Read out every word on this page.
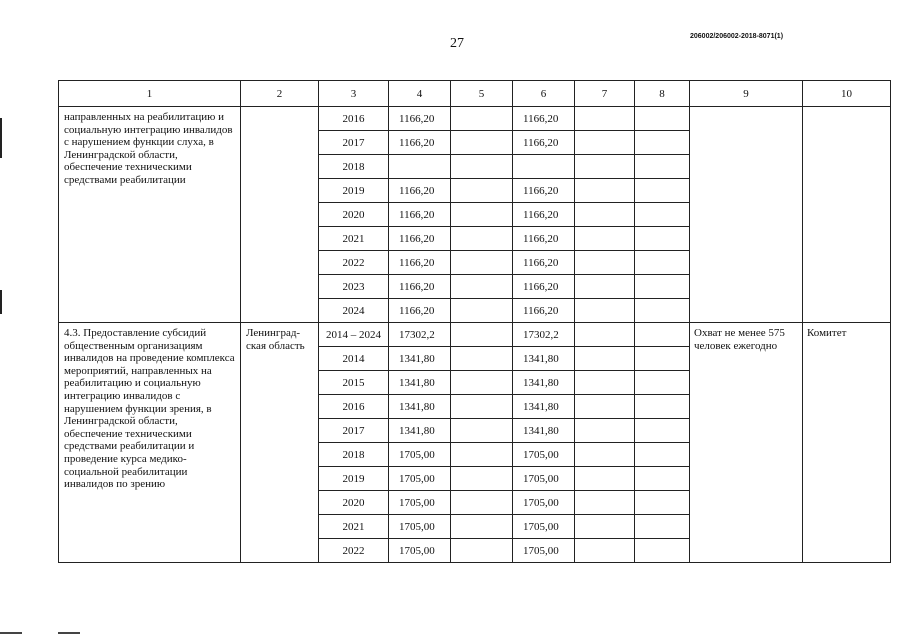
27	206002/206002-2018-8071(1)
1	2	3	4	5	6	7	8	9	10
направленных на реабилитацию и социальную интеграцию инвалидов с нарушением функции слуха, в Ленинградской области, обеспечение техническими средствами реабилитации		2016	1166,20		1166,20				
		2017	1166,20		1166,20				
		2018							
		2019	1166,20		1166,20				
		2020	1166,20		1166,20				
		2021	1166,20		1166,20				
		2022	1166,20		1166,20				
		2023	1166,20		1166,20				
		2024	1166,20		1166,20				
4.3. Предоставление субсидий общественным организациям инвалидов на проведение комплекса мероприятий, направленных на реабилитацию и социальную интеграцию инвалидов с нарушением функции зрения, в Ленинградской области, обеспечение техническими средствами реабилитации и проведение курса медико-социальной реабилитации инвалидов по зрению	Ленинград-ская область	2014 – 2024	17302,2		17302,2			Охват не менее 575 человек ежегодно	Комитет
		2014	1341,80		1341,80				
		2015	1341,80		1341,80				
		2016	1341,80		1341,80				
		2017	1341,80		1341,80				
		2018	1705,00		1705,00				
		2019	1705,00		1705,00				
		2020	1705,00		1705,00				
		2021	1705,00		1705,00				
		2022	1705,00		1705,00				
